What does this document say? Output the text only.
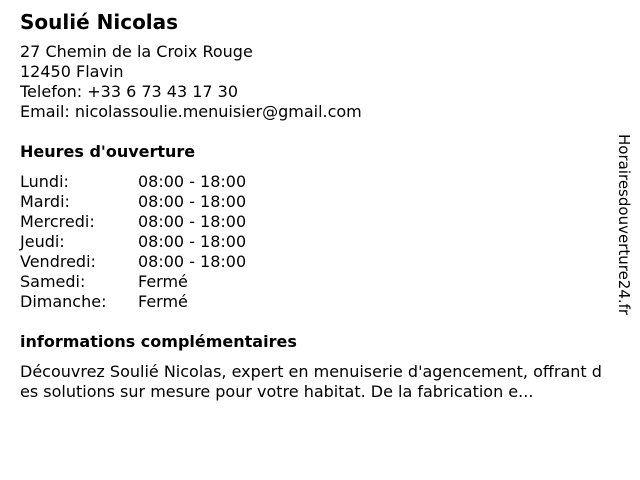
Soulié Nicolas
27 Chemin de la Croix Rouge
12450 Flavin
Telefon: +33 6 73 43 17 30
Email: nicolassoulie.menuisier@gmail.com
Heures d'ouverture
Lundi:	08:00 - 18:00
Mardi:	08:00 - 18:00
Mercredi:	08:00 - 18:00
Jeudi:	08:00 - 18:00
Vendredi:	08:00 - 18:00
Samedi:	Fermé
Dimanche:	Fermé
informations complémentaires
Découvrez Soulié Nicolas, expert en menuiserie d'agencement, offrant des solutions sur mesure pour votre habitat. De la fabrication e...
Horairesdouverture24.fr
